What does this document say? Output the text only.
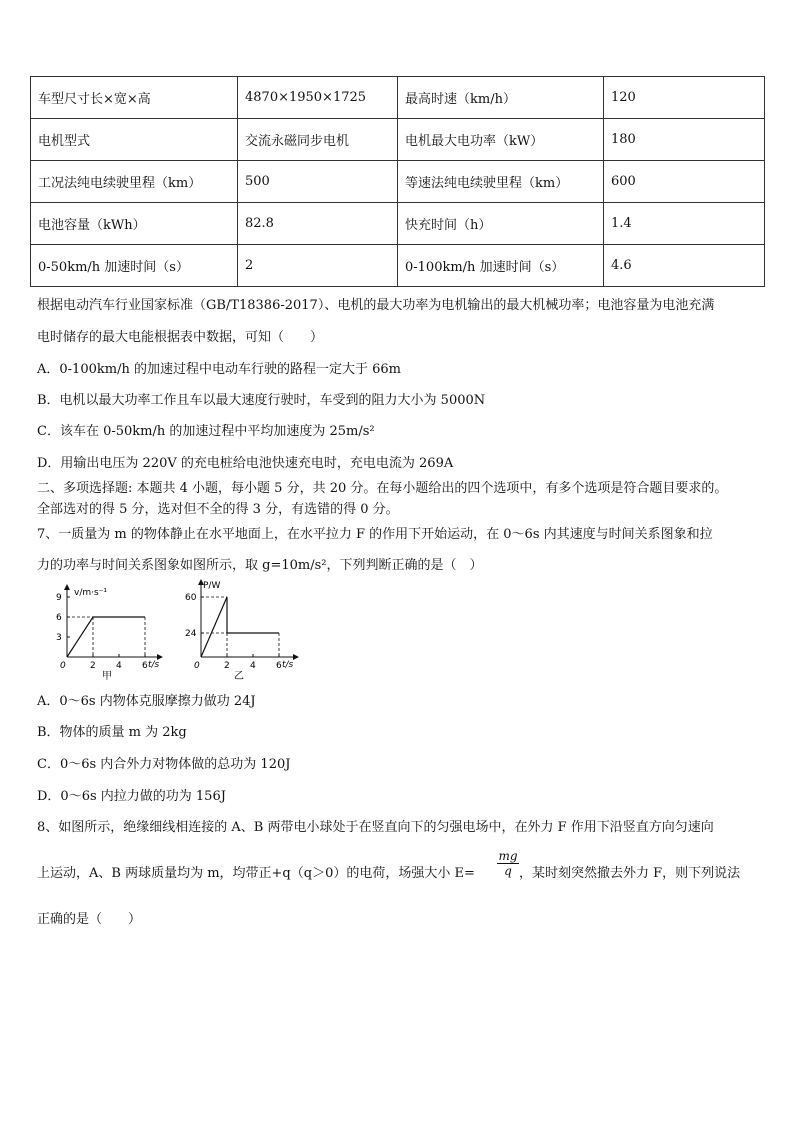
车型尺寸长×宽×高	4870×1950×1725	最高时速（km/h）	120
电机型式	交流永磁同步电机	电机最大电功率（kW）	180
工况法纯电续驶里程（km）	500	等速法纯电续驶里程（km）	600
电池容量（kWh）	82.8	快充时间（h）	1.4
0-50km/h 加速时间（s）	2	0-100km/h 加速时间（s）	4.6
根据电动汽车行业国家标准（GB/T18386-2017）、电机的最大功率为电机输出的最大机械功率；电池容量为电池充满
电时储存的最大电能根据表中数据，可知（　　）
A．0-100km/h 的加速过程中电动车行驶的路程一定大于 66m
B．电机以最大功率工作且车以最大速度行驶时，车受到的阻力大小为 5000N
C．该车在 0-50km/h 的加速过程中平均加速度为 25m/s²
D．用输出电压为 220V 的充电桩给电池快速充电时，充电电流为 269A
二、多项选择题: 本题共 4 小题，每小题 5 分，共 20 分。在每小题给出的四个选项中，有多个选项是符合题目要求的。
全部选对的得 5 分，选对但不全的得 3 分，有选错的得 0 分。
7、一质量为 m 的物体静止在水平地面上，在水平拉力 F 的作用下开始运动，在 0～6s 内其速度与时间关系图象和拉
力的功率与时间关系图象如图所示，取 g=10m/s²，下列判断正确的是（　）
v/m·s⁻¹
t/s
0
9
6
3
2 4 6
甲
P/W
t/s
0
60
24
2 4 6
乙
A．0～6s 内物体克服摩擦力做功 24J
B．物体的质量 m 为 2kg
C．0～6s 内合外力对物体做的总功为 120J
D．0～6s 内拉力做的功为 156J
8、如图所示，绝缘细线相连接的 A、B 两带电小球处于在竖直向下的匀强电场中，在外力 F 作用下沿竖直方向匀速向
上运动，A、B 两球质量均为 m，均带正+q（q＞0）的电荷，场强大小 $E= \frac{mg}{q}$ ，某时刻突然撤去外力 F，则下列说法
正确的是（　　）
